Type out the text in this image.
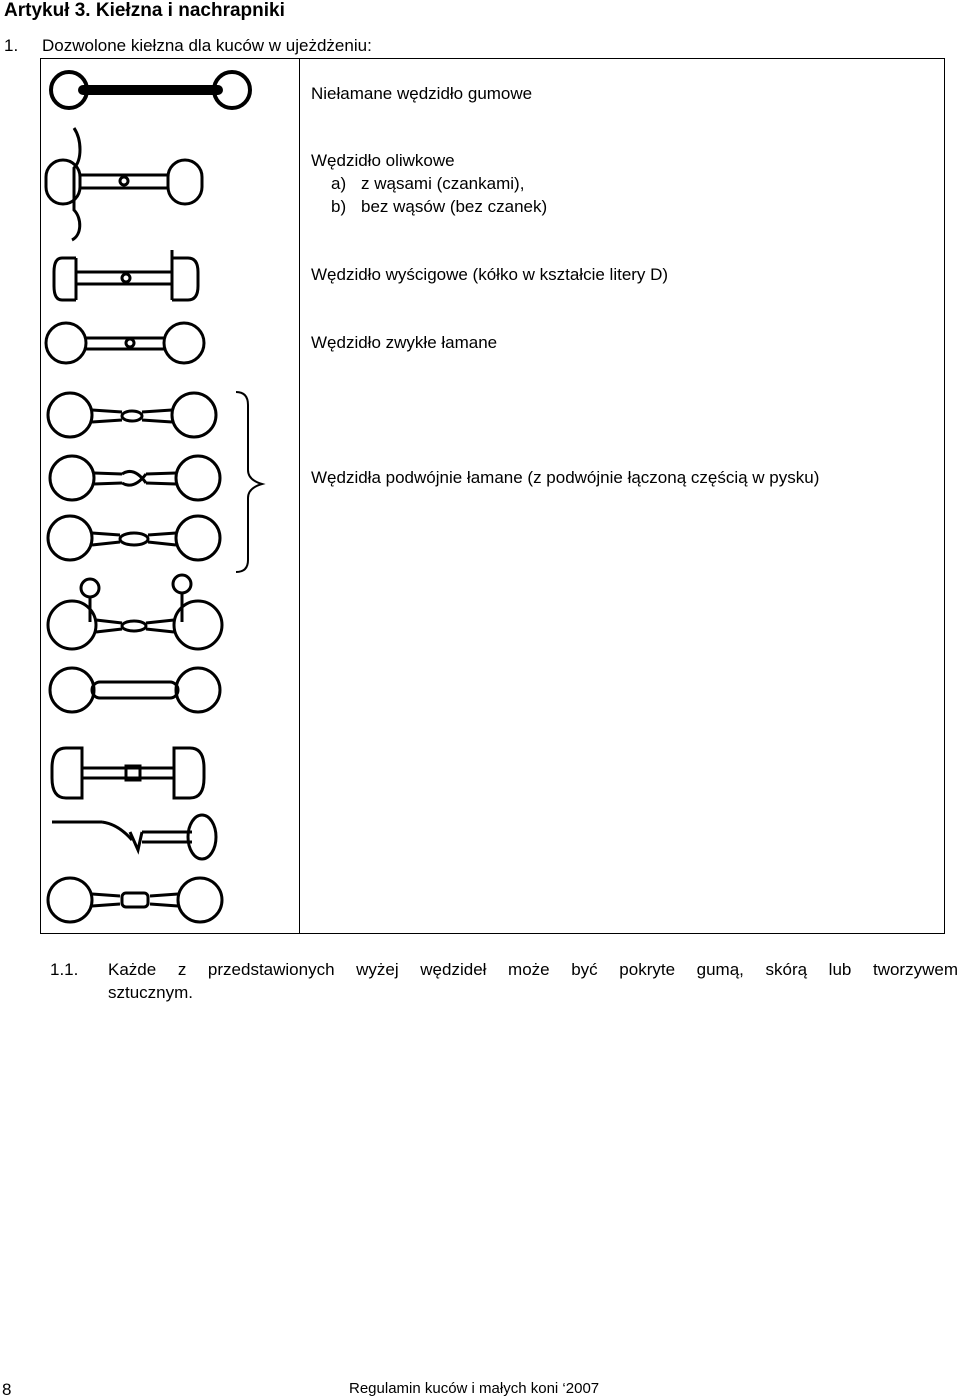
Artykuł 3. Kiełzna i nachrapniki
1. Dozwolone kiełzna dla kuców w ujeżdżeniu:
Niełamane wędzidło gumowe
Wędzidło oliwkowe
a) z wąsami (czankami),
b) bez wąsów (bez czanek)
Wędzidło wyścigowe (kółko w kształcie litery D)
Wędzidło zwykłe łamane
Wędzidła podwójnie łamane (z podwójnie łączoną częścią w pysku)
1.1. Każde z przedstawionych wyżej wędzideł może być pokryte gumą, skórą lub tworzywem
sztucznym.
8	Regulamin kuców i małych koni ‘2007
